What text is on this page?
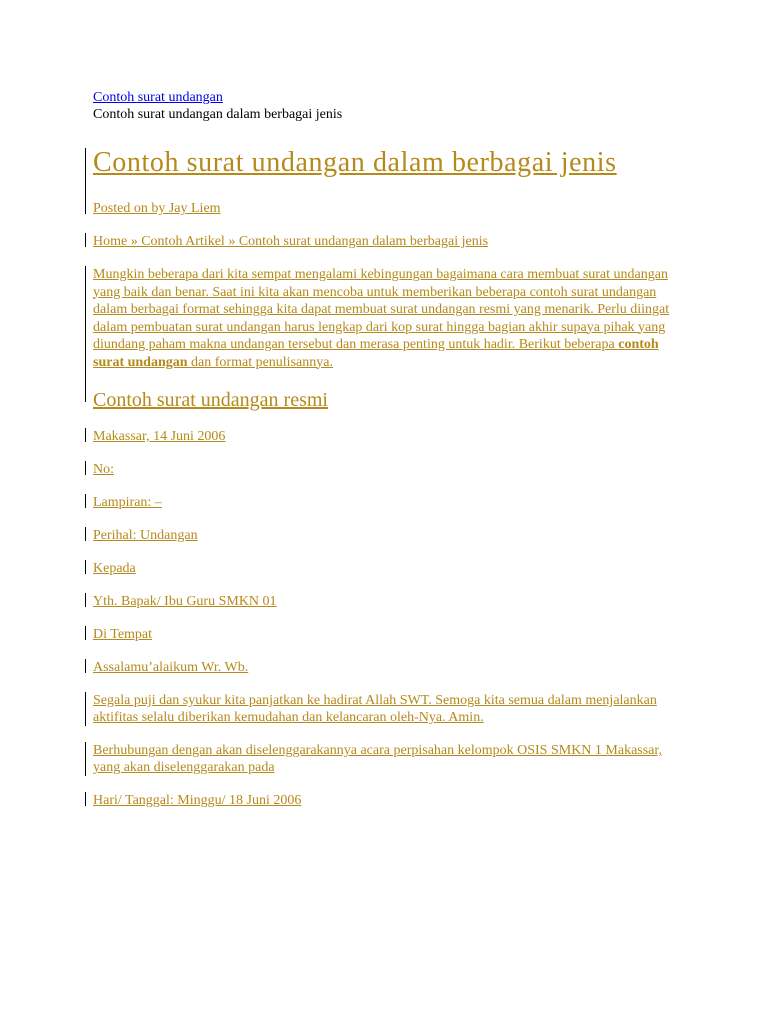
Contoh surat undangan
Contoh surat undangan dalam berbagai jenis
Contoh surat undangan dalam berbagai jenis
Posted on by Jay Liem
Home » Contoh Artikel » Contoh surat undangan dalam berbagai jenis
Mungkin beberapa dari kita sempat mengalami kebingungan bagaimana cara membuat surat undangan yang baik dan benar. Saat ini kita akan mencoba untuk memberikan beberapa contoh surat undangan dalam berbagai format sehingga kita dapat membuat surat undangan resmi yang menarik. Perlu diingat dalam pembuatan surat undangan harus lengkap dari kop surat hingga bagian akhir supaya pihak yang diundang paham makna undangan tersebut dan merasa penting untuk hadir. Berikut beberapa contoh surat undangan dan format penulisannya.
Contoh surat undangan resmi
Makassar, 14 Juni 2006
No:
Lampiran: –
Perihal: Undangan
Kepada
Yth. Bapak/ Ibu Guru SMKN 01
Di Tempat
Assalamu’alaikum Wr. Wb.
Segala puji dan syukur kita panjatkan ke hadirat Allah SWT. Semoga kita semua dalam menjalankan aktifitas selalu diberikan kemudahan dan kelancaran oleh-Nya. Amin.
Berhubungan dengan akan diselenggarakannya acara perpisahan kelompok OSIS SMKN 1 Makassar, yang akan diselenggarakan pada
Hari/ Tanggal: Minggu/ 18 Juni 2006
